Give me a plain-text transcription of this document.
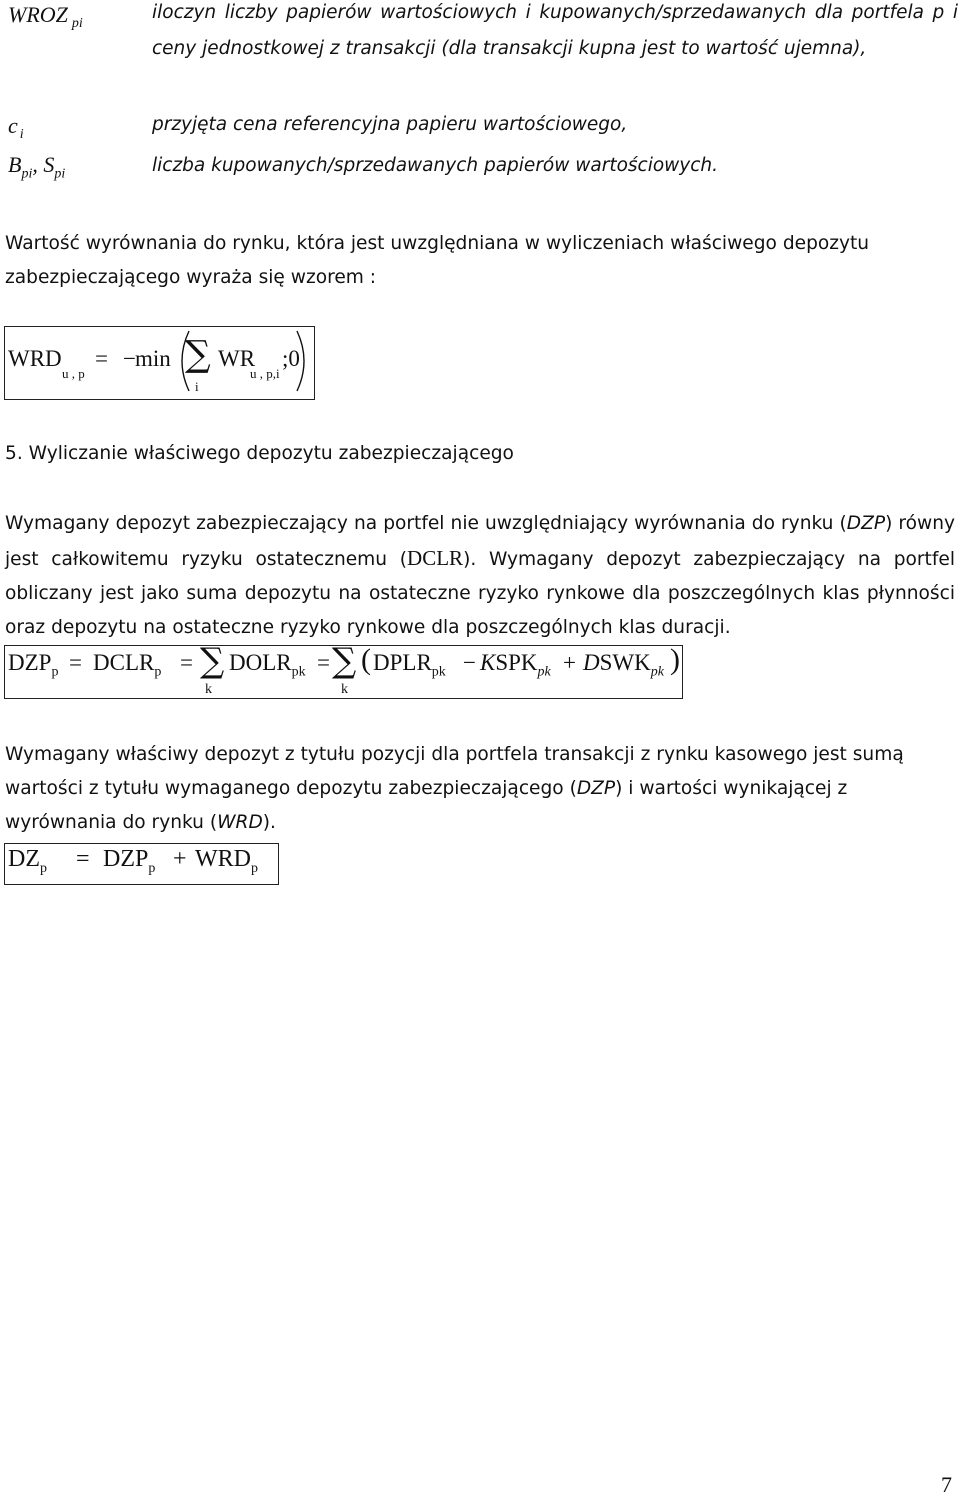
WROZ $_{pi}$
iloczyn liczby papierów wartościowych i kupowanych/sprzedawanych dla portfela p i ceny jednostkowej z transakcji (dla transakcji kupna jest to wartość ujemna),
c $_i$	przyjęta cena referencyjna papieru wartościowego,
$B_{pi}$, $S_{pi}$	liczba kupowanych/sprzedawanych papierów wartościowych.
Wartość wyrównania do rynku, która jest uwzględniana w wyliczeniach właściwego depozytu zabezpieczającego wyraża się wzorem :
WRD
u , p
= − min ∑
i
WR
u , p,i
;0
5. Wyliczanie właściwego depozytu zabezpieczającego
Wymagany depozyt zabezpieczający na portfel nie uwzględniający wyrównania do rynku (DZP) równy jest całkowitemu ryzyku ostatecznemu (DCLR). Wymagany depozyt zabezpieczający na portfel obliczany jest jako suma depozytu na ostateczne ryzyko rynkowe dla poszczególnych klas płynności oraz depozytu na ostateczne ryzyko rynkowe dla poszczególnych klas duracji.
$DZP_p$ = $DCLR_p$ = ∑
k
$DOLR_{pk}$ = ∑
k
( $DPLR_{pk}$ − $KSPK_{pk}$ + $DSWK_{pk}$ )
Wymagany właściwy depozyt z tytułu pozycji dla portfela transakcji z rynku kasowego jest sumą wartości z tytułu wymaganego depozytu zabezpieczającego (DZP) i wartości wynikającej z wyrównania do rynku (WRD).
$DZ_p = DZP_p + WRD_p$
7
